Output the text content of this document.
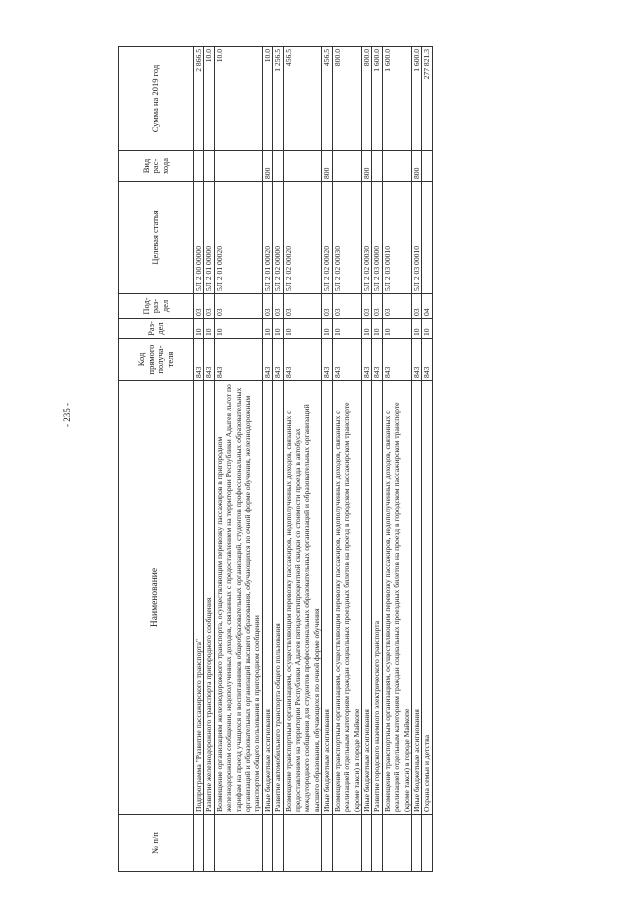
- 235 -
№ п/п	Наименование	Код прямого получа-теля	Раз-дел	Под-раз-дел	Целевая статья	Вид рас-хода	Сумма на 2019 год
	Подпрограмма "Развитие пассажирского транспорта"	843	10	03	5Л 2 00 00000		2 866.5
	Развитие железнодорожного транспорта пригородного сообщения	843	10	03	5Л 2 01 00000		10.0
	Возмещение организациям железнодорожного транспорта, осуществляющим перевозку пассажиров в пригородном железнодорожном сообщении, недополученных доходов, связанных с предоставлением на территории Республики Адыгея льгот по тарифам на проезд учащихся и воспитанников общеобразовательных организаций, студентов профессиональных образовательных организаций и образовательных организаций высшего образования, обучающихся по очной форме обучения, железнодорожным транспортом общего пользования в пригородном сообщении	843	10	03	5Л 2 01 00020		10.0
	Иные бюджетные ассигнования	843	10	03	5Л 2 01 00020	800	10.0
	Развитие автомобильного транспорта общего пользования	843	10	03	5Л 2 02 00000		1 256.5
	Возмещение транспортным организациям, осуществляющим перевозку пассажиров, недополученных доходов, связанных с предоставлением на территории Республики Адыгея пятидесятипроцентной скидки со стоимости проезда в автобусах междугородного сообщения для студентов профессиональных образовательных организаций и образовательных организаций высшего образования, обучающихся по очной форме обучения	843	10	03	5Л 2 02 00020		456.5
	Иные бюджетные ассигнования	843	10	03	5Л 2 02 00020	800	456.5
	Возмещение транспортным организациям, осуществляющим перевозку пассажиров, недополученных доходов, связанных с реализацией отдельным категориям граждан социальных проездных билетов на проезд в городском пассажирском транспорте (кроме такси) в городе Майкопе	843	10	03	5Л 2 02 00030		800.0
	Иные бюджетные ассигнования	843	10	03	5Л 2 02 00030	800	800.0
	Развитие городского наземного электрического транспорта	843	10	03	5Л 2 03 00000		1 600.0
	Возмещение транспортным организациям, осуществляющим перевозку пассажиров, недополученных доходов, связанных с реализацией отдельным категориям граждан социальных проездных билетов на проезд в городском пассажирском транспорте (кроме такси) в городе Майкопе	843	10	03	5Л 2 03 00010		1 600.0
	Иные бюджетные ассигнования	843	10	03	5Л 2 03 00010	800	1 600.0
	Охрана семьи и детства	843	10	04			277 821.3
